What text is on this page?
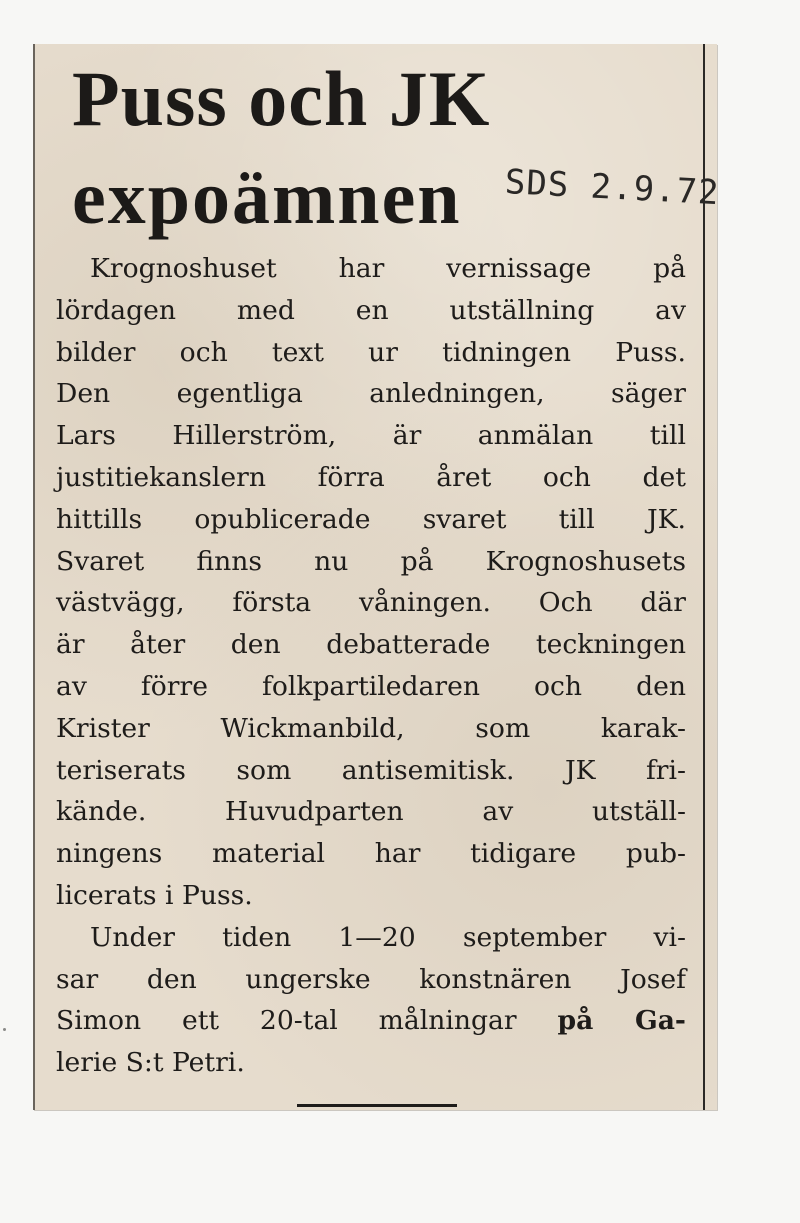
Puss och JK
expoämnen SDS 2.9.72
Krognoshuset har vernissage på
lördagen med en utställning av
bilder och text ur tidningen Puss.
Den egentliga anledningen, säger
Lars Hillerström, är anmälan till
justitiekanslern förra året och det
hittills opublicerade svaret till JK.
Svaret finns nu på Krognoshusets
västvägg, första våningen. Och där
är åter den debatterade teckningen
av förre folkpartiledaren och den
Krister Wickmanbild, som karak-
teriserats som antisemitisk. JK fri-
kände. Huvudparten av utställ-
ningens material har tidigare pub-
licerats i Puss.
Under tiden 1—20 september vi-
sar den ungerske konstnären Josef
Simon ett 20-tal målningar på Ga-
lerie S:t Petri.
